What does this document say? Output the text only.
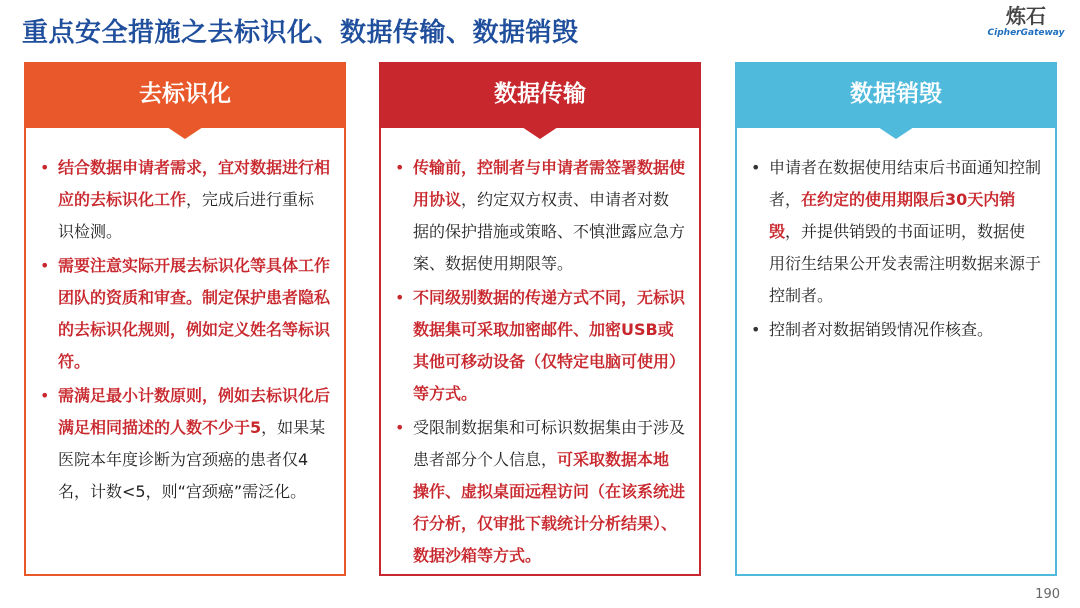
重点安全措施之去标识化、数据传输、数据销毁
炼石
CipherGateway
去标识化
• 结合数据申请者需求，宜对数据进行相应的去标识化工作，完成后进行重标识检测。
• 需要注意实际开展去标识化等具体工作团队的资质和审查。制定保护患者隐私的去标识化规则，例如定义姓名等标识符。
• 需满足最小计数原则，例如去标识化后满足相同描述的人数不少于5，如果某医院本年度诊断为宫颈癌的患者仅4名，计数<5，则“宫颈癌”需泛化。
数据传输
• 传输前，控制者与申请者需签署数据使用协议，约定双方权责、申请者对数据的保护措施或策略、不慎泄露应急方案、数据使用期限等。
• 不同级别数据的传递方式不同，无标识数据集可采取加密邮件、加密USB或其他可移动设备（仅特定电脑可使用）等方式。
• 受限制数据集和可标识数据集由于涉及患者部分个人信息，可采取数据本地操作、虚拟桌面远程访问（在该系统进行分析，仅审批下载统计分析结果）、数据沙箱等方式。
数据销毁
• 申请者在数据使用结束后书面通知控制者，在约定的使用期限后30天内销毁，并提供销毁的书面证明，数据使用衍生结果公开发表需注明数据来源于控制者。
• 控制者对数据销毁情况作核查。
190
